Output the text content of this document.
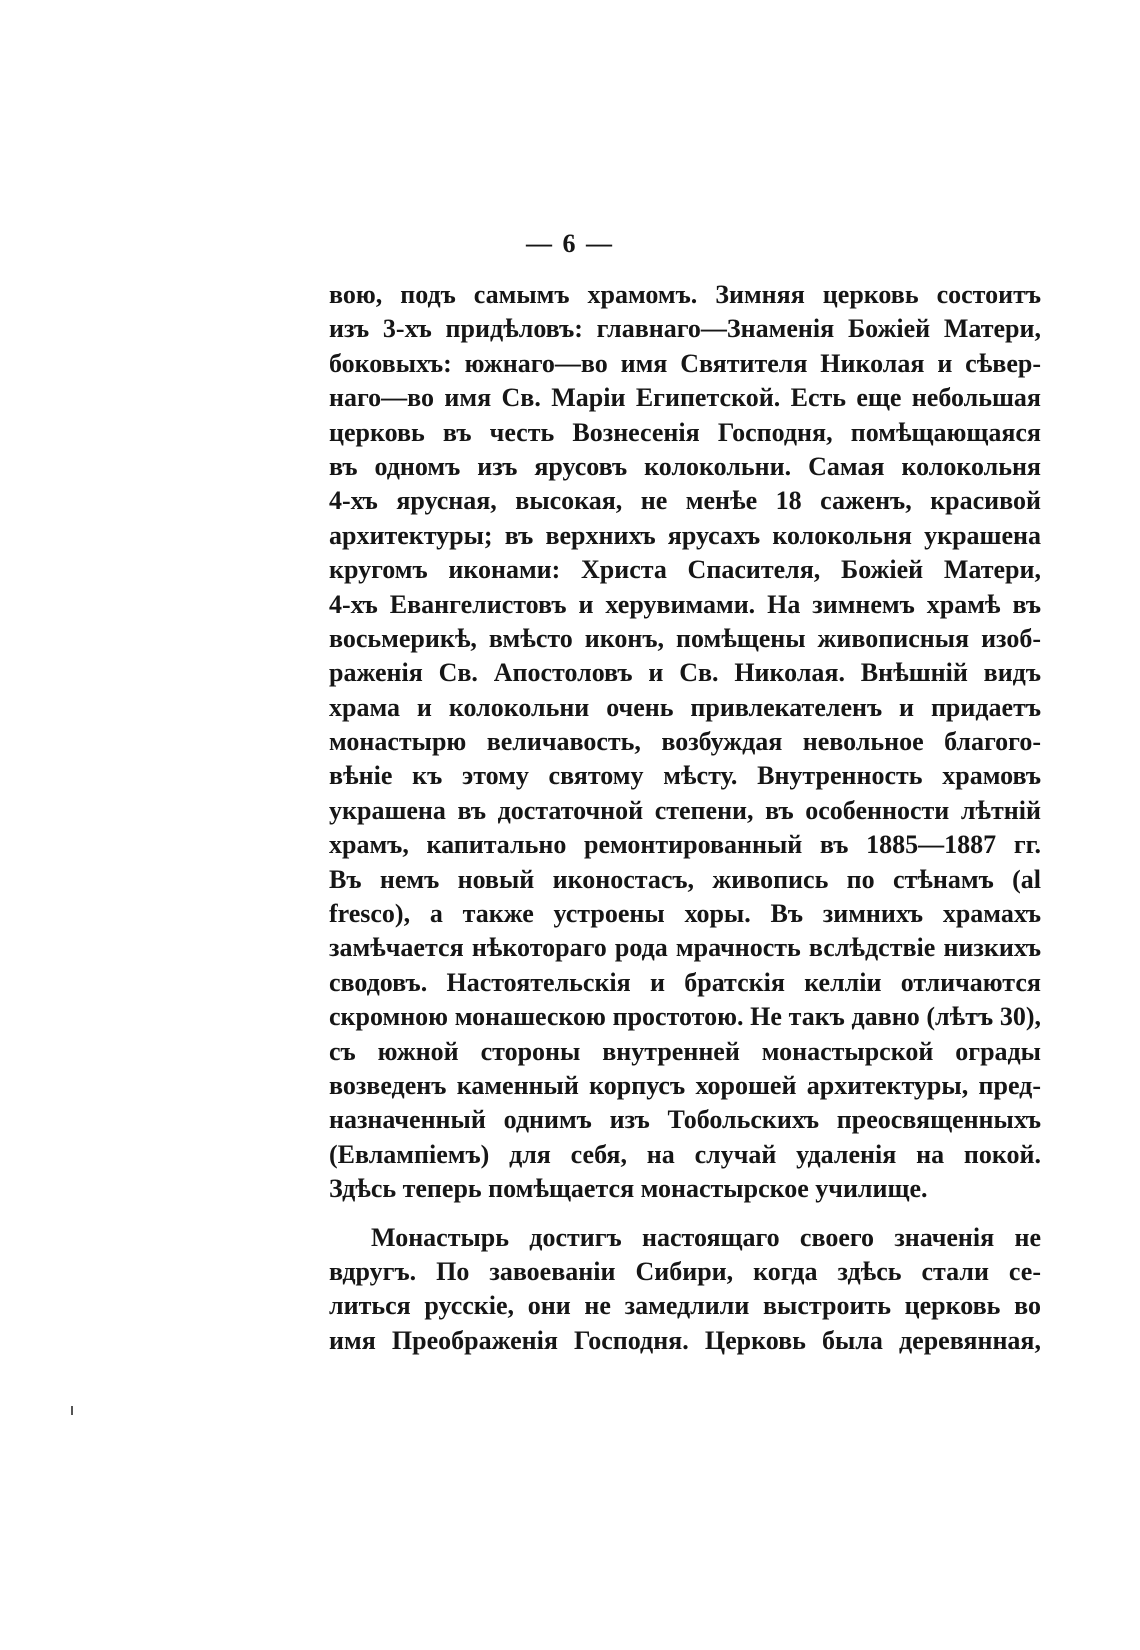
— 6 —
вою, подъ самымъ храмомъ. Зимняя церковь состоитъ
изъ 3-хъ придѣловъ: главнаго—Знаменія Божіей Матери,
боковыхъ: южнаго—во имя Святителя Николая и сѣвер-
наго—во имя Св. Маріи Египетской. Есть еще небольшая
церковь въ честь Вознесенія Господня, помѣщающаяся
въ одномъ изъ ярусовъ колокольни. Самая колокольня
4-хъ ярусная, высокая, не менѣе 18 саженъ, красивой
архитектуры; въ верхнихъ ярусахъ колокольня украшена
кругомъ иконами: Христа Спасителя, Божіей Матери,
4-хъ Евангелистовъ и херувимами. На зимнемъ храмѣ въ
восьмерикѣ, вмѣсто иконъ, помѣщены живописныя изоб-
раженія Св. Апостоловъ и Св. Николая. Внѣшній видъ
храма и колокольни очень привлекателенъ и придаетъ
монастырю величавость, возбуждая невольное благого-
вѣніе къ этому святому мѣсту. Внутренность храмовъ
украшена въ достаточной степени, въ особенности лѣтній
храмъ, капитально ремонтированный въ 1885—1887 гг.
Въ немъ новый иконостасъ, живопись по стѣнамъ (al
fresco), а также устроены хоры. Въ зимнихъ храмахъ
замѣчается нѣкотораго рода мрачность вслѣдствіе низкихъ
сводовъ. Настоятельскія и братскія келліи отличаются
скромною монашескою простотою. Не такъ давно (лѣтъ 30),
съ южной стороны внутренней монастырской ограды
возведенъ каменный корпусъ хорошей архитектуры, пред-
назначенный однимъ изъ Тобольскихъ преосвященныхъ
(Евлампіемъ) для себя, на случай удаленія на покой.
Здѣсь теперь помѣщается монастырское училище.
Монастырь достигъ настоящаго своего значенія не
вдругъ. По завоеваніи Сибири, когда здѣсь стали се-
литься русскіе, они не замедлили выстроить церковь во
имя Преображенія Господня. Церковь была деревянная,
